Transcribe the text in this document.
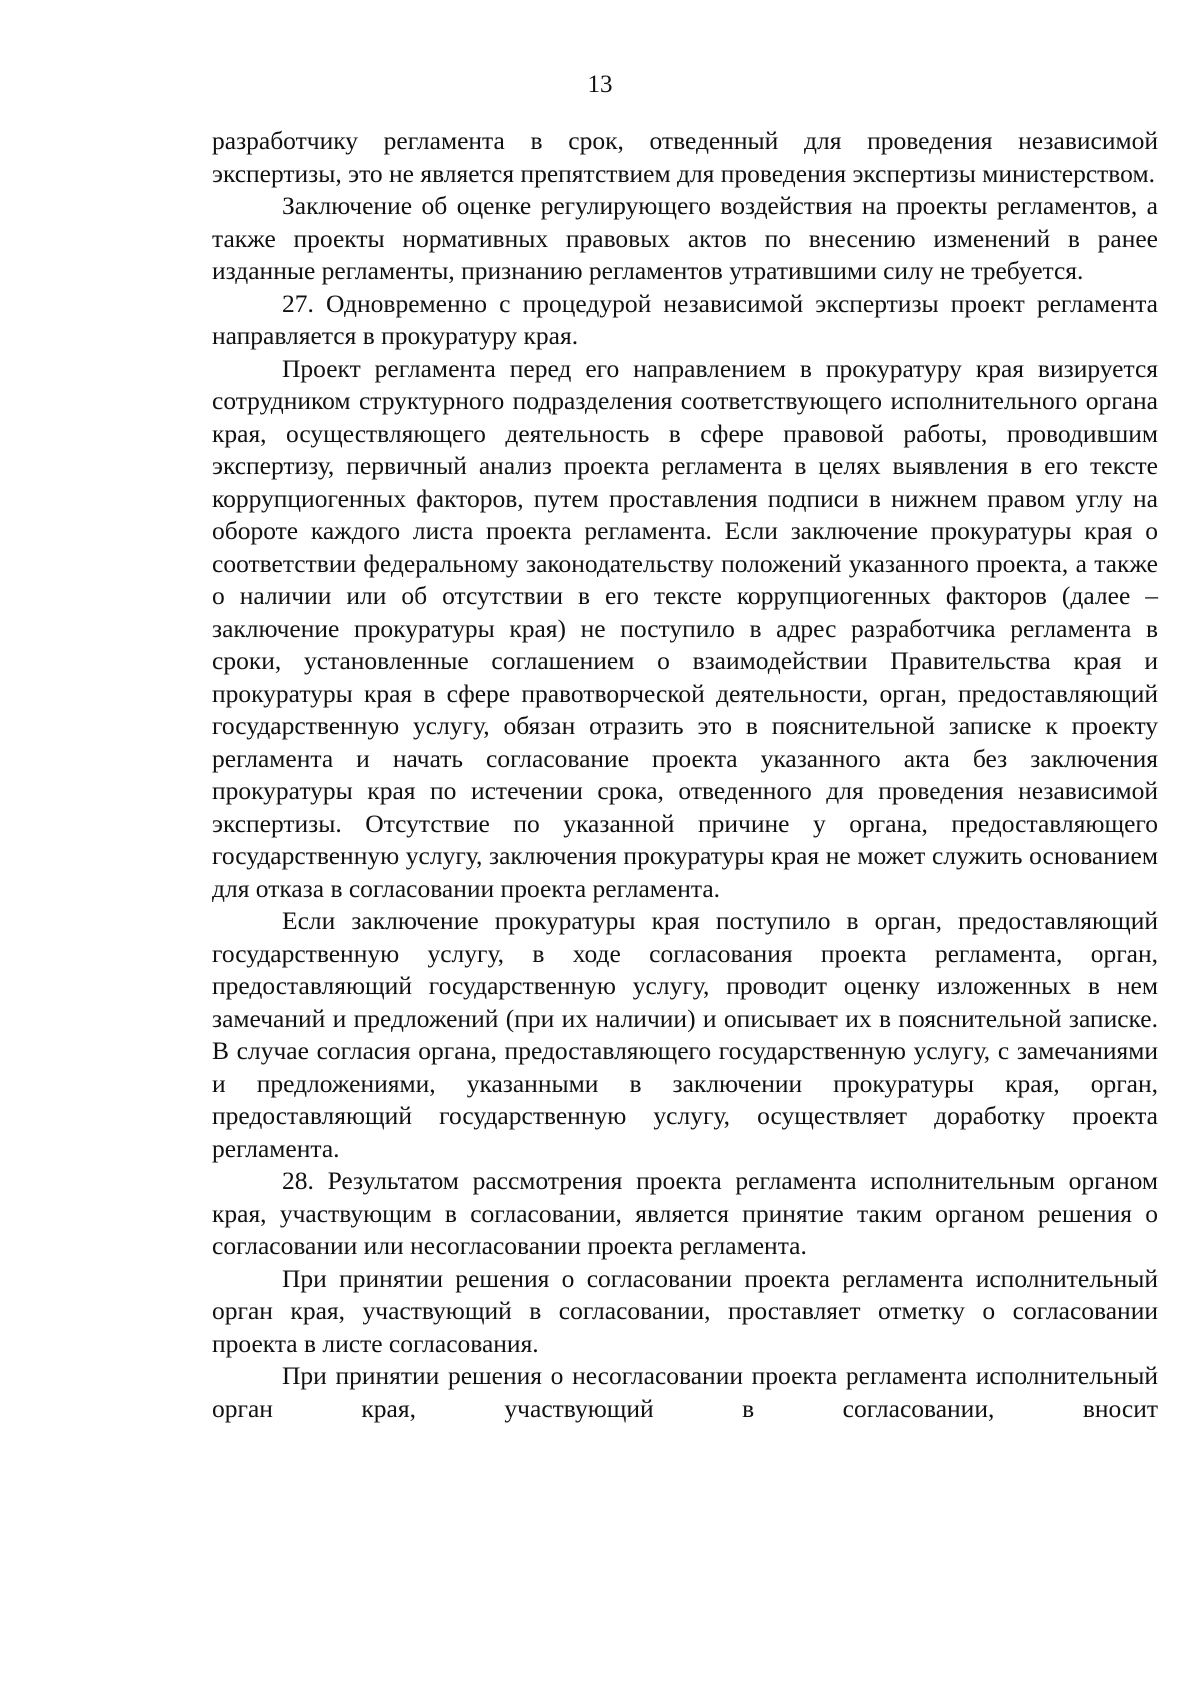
13

разработчику регламента в срок, отведенный для проведения независимой экспертизы, это не является препятствием для проведения экспертизы министерством.

Заключение об оценке регулирующего воздействия на проекты регламентов, а также проекты нормативных правовых актов по внесению изменений в ранее изданные регламенты, признанию регламентов утратившими силу не требуется.

27. Одновременно с процедурой независимой экспертизы проект регламента направляется в прокуратуру края.

Проект регламента перед его направлением в прокуратуру края визируется сотрудником структурного подразделения соответствующего исполнительного органа края, осуществляющего деятельность в сфере правовой работы, проводившим экспертизу, первичный анализ проекта регламента в целях выявления в его тексте коррупциогенных факторов, путем проставления подписи в нижнем правом углу на обороте каждого листа проекта регламента. Если заключение прокуратуры края о соответствии федеральному законодательству положений указанного проекта, а также о наличии или об отсутствии в его тексте коррупциогенных факторов (далее – заключение прокуратуры края) не поступило в адрес разработчика регламента в сроки, установленные соглашением о взаимодействии Правительства края и прокуратуры края в сфере правотворческой деятельности, орган, предоставляющий государственную услугу, обязан отразить это в пояснительной записке к проекту регламента и начать согласование проекта указанного акта без заключения прокуратуры края по истечении срока, отведенного для проведения независимой экспертизы. Отсутствие по указанной причине у органа, предоставляющего государственную услугу, заключения прокуратуры края не может служить основанием для отказа в согласовании проекта регламента.

Если заключение прокуратуры края поступило в орган, предоставляющий государственную услугу, в ходе согласования проекта регламента, орган, предоставляющий государственную услугу, проводит оценку изложенных в нем замечаний и предложений (при их наличии) и описывает их в пояснительной записке. В случае согласия органа, предоставляющего государственную услугу, с замечаниями и предложениями, указанными в заключении прокуратуры края, орган, предоставляющий государственную услугу, осуществляет доработку проекта регламента.

28. Результатом рассмотрения проекта регламента исполнительным органом края, участвующим в согласовании, является принятие таким органом решения о согласовании или несогласовании проекта регламента.

При принятии решения о согласовании проекта регламента исполнительный орган края, участвующий в согласовании, проставляет отметку о согласовании проекта в листе согласования.

При принятии решения о несогласовании проекта регламента исполнительный орган края, участвующий в согласовании, вносит
